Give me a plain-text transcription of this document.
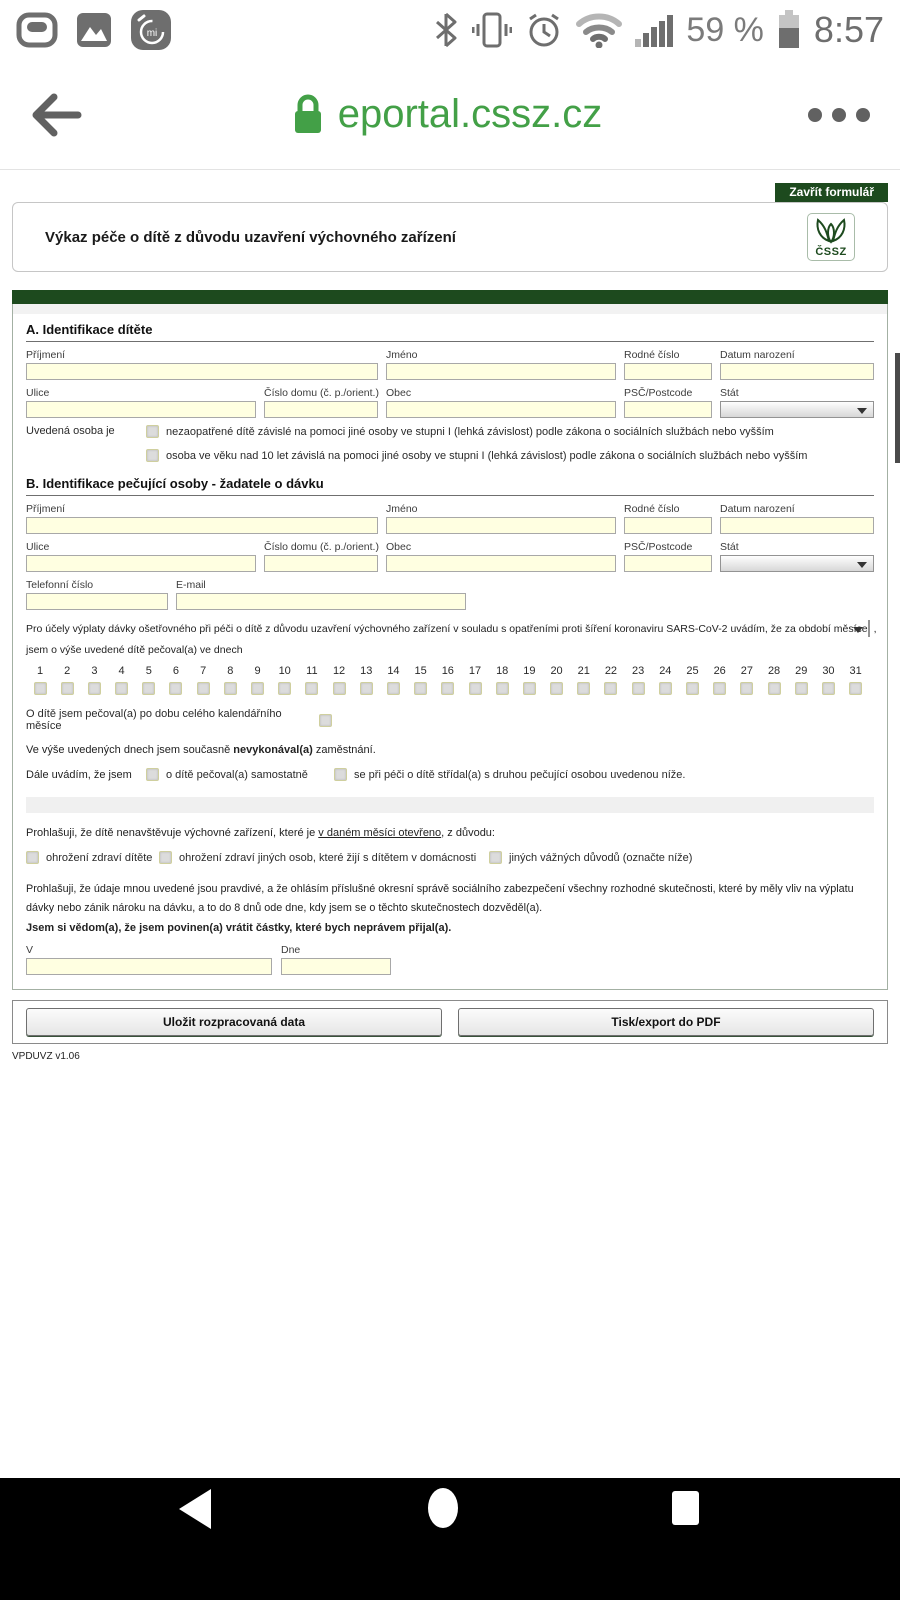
mi	59 % 8:57
eportal.cssz.cz
Zavřít formulář
Výkaz péče o dítě z důvodu uzavření výchovného zařízení
ČSSZ
A. Identifikace dítěte
Příjmení	Jméno	Rodné číslo	Datum narození
Ulice	Číslo domu (č. p./orient.) Obec	PSČ/Postcode	Stát
Uvedená osoba je	nezaopatřené dítě závislé na pomoci jiné osoby ve stupni I (lehká závislost) podle zákona o sociálních službách nebo vyšším
osoba ve věku nad 10 let závislá na pomoci jiné osoby ve stupni I (lehká závislost) podle zákona o sociálních službách nebo vyšším
B. Identifikace pečující osoby - žadatele o dávku
Příjmení	Jméno	Rodné číslo	Datum narození
Ulice	Číslo domu (č. p./orient.) Obec	PSČ/Postcode	Stát
Telefonní číslo	E-mail
Pro účely výplaty dávky ošetřovného při péči o dítě z důvodu uzavření výchovného zařízení v souladu s opatřeními proti šíření koronaviru SARS-CoV-2 uvádím, že za období měsíce ,
jsem o výše uvedené dítě pečoval(a) ve dnech
1 2 3 4 5 6 7 8 9 10 11 12 13 14 15 16 17 18 19 20 21 22 23 24 25 26 27 28 29 30 31
O dítě jsem pečoval(a) po dobu celého kalendářního měsíce
Ve výše uvedených dnech jsem současně nevykonával(a) zaměstnání.
Dále uvádím, že jsem	o dítě pečoval(a) samostatně	se při péči o dítě střídal(a) s druhou pečující osobou uvedenou níže.
Prohlašuji, že dítě nenavštěvuje výchovné zařízení, které je v daném měsíci otevřeno, z důvodu:
ohrožení zdraví dítěte ohrožení zdraví jiných osob, které žijí s dítětem v domácnosti	jiných vážných důvodů (označte níže)
Prohlašuji, že údaje mnou uvedené jsou pravdivé, a že ohlásím příslušné okresní správě sociálního zabezpečení všechny rozhodné skutečnosti, které by měly vliv na výplatu dávky nebo zánik nároku na dávku, a to do 8 dnů ode dne, kdy jsem se o těchto skutečnostech dozvěděl(a).
Jsem si vědom(a), že jsem povinen(a) vrátit částky, které bych neprávem přijal(a).
V	Dne
Uložit rozpracovaná data	Tisk/export do PDF
VPDUVZ v1.06
